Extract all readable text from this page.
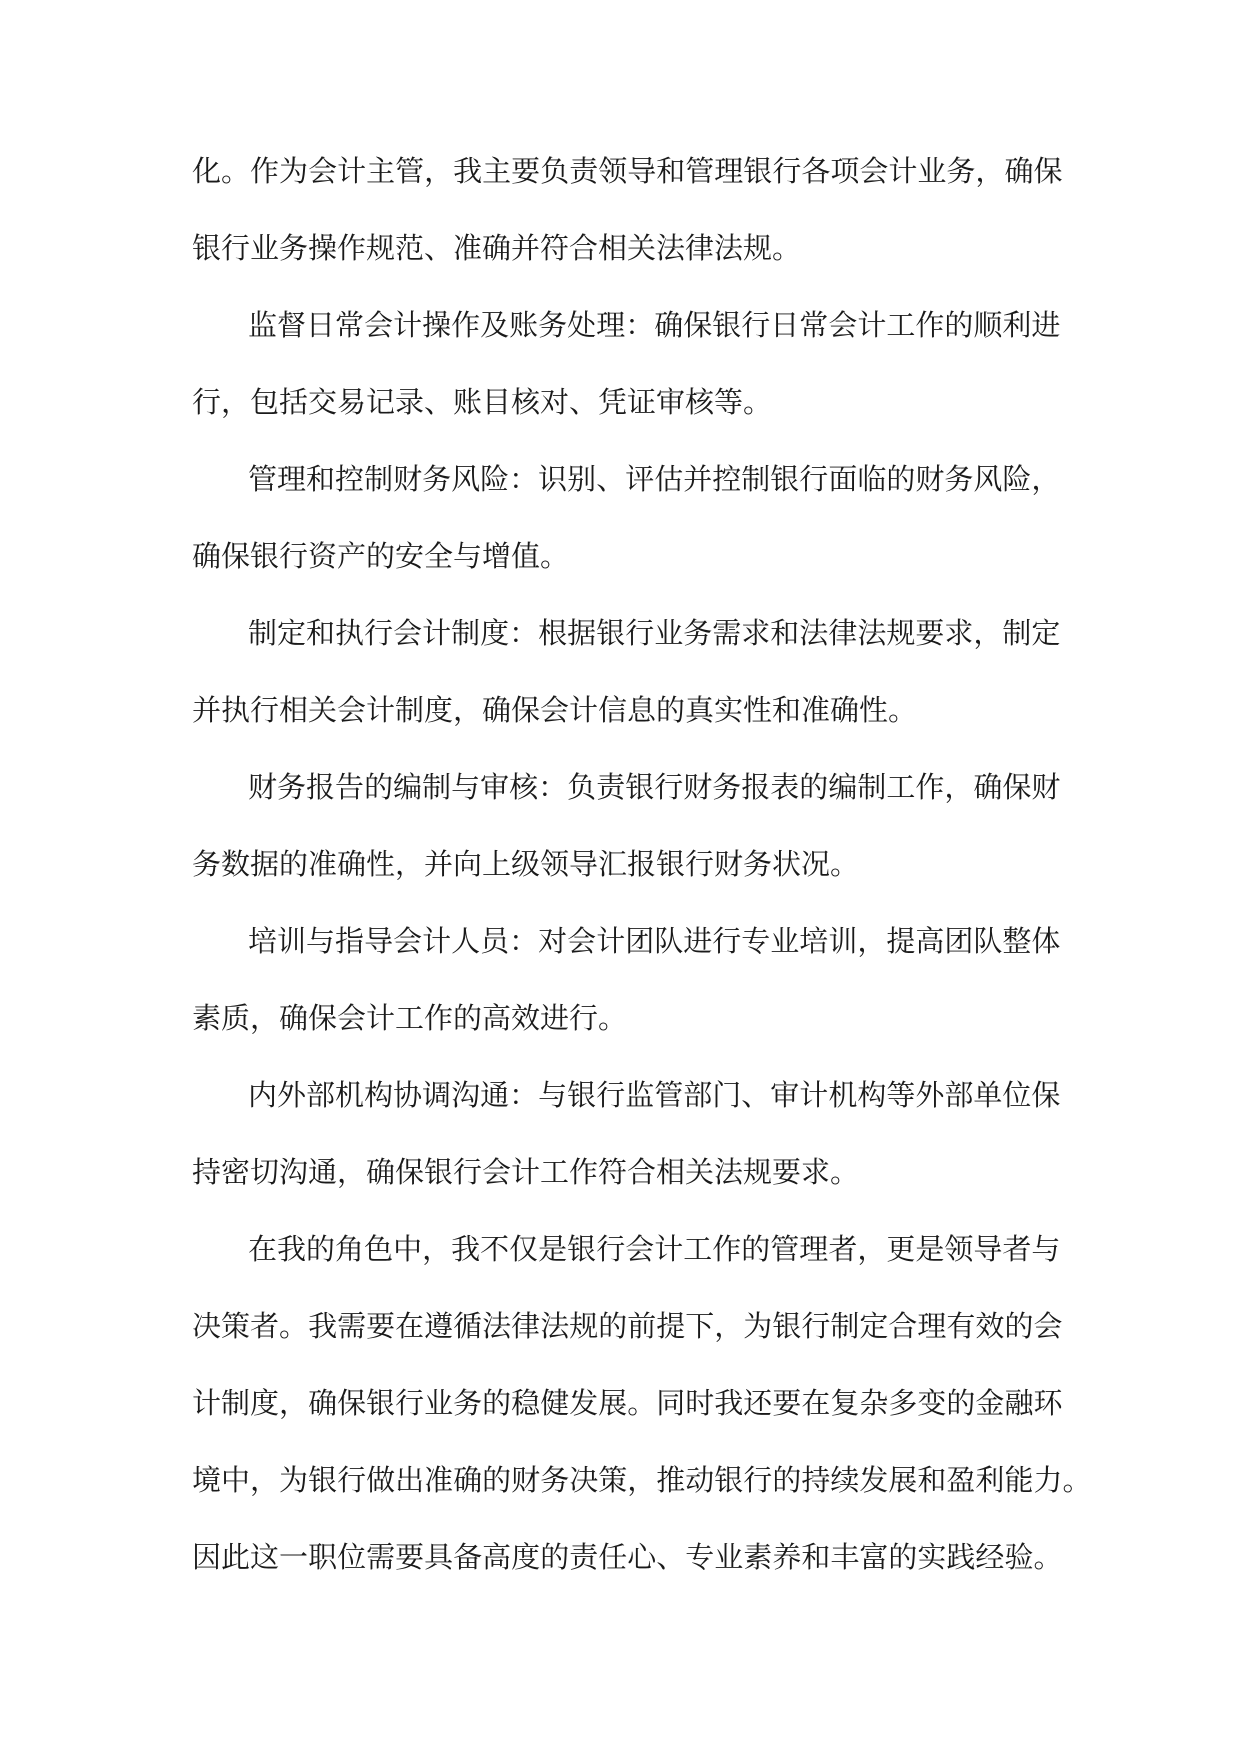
化 。 作 为 会 计 主 管 ， 我 主 要 负 责 领 导 和 管 理 银 行 各 项 会 计 业 务 ， 确 保
银行业务操作规范、准确并符合相关法律法规。
监 督 日 常 会 计 操 作 及 账 务 处 理 ： 确 保 银 行 日 常 会 计 工 作 的 顺 利 进
行，包括交易记录、账目核对、凭证审核等。
管 理 和 控 制 财 务 风 险 ： 识 别 、 评 估 并 控 制 银 行 面 临 的 财 务 风 险 ，
确保银行资产的安全与增值。
制 定 和 执 行 会 计 制 度 ： 根 据 银 行 业 务 需 求 和 法 律 法 规 要 求 ， 制 定
并执行相关会计制度，确保会计信息的真实性和准确性。
财 务 报 告 的 编 制 与 审 核 ： 负 责 银 行 财 务 报 表 的 编 制 工 作 ， 确 保 财
务数据的准确性，并向上级领导汇报银行财务状况。
培 训 与 指 导 会 计 人 员 ： 对 会 计 团 队 进 行 专 业 培 训 ， 提 高 团 队 整 体
素质，确保会计工作的高效进行。
内 外 部 机 构 协 调 沟 通 ： 与 银 行 监 管 部 门 、 审 计 机 构 等 外 部 单 位 保
持密切沟通，确保银行会计工作符合相关法规要求。
在 我 的 角 色 中 ， 我 不 仅 是 银 行 会 计 工 作 的 管 理 者 ， 更 是 领 导 者 与
决 策 者 。 我 需 要 在 遵 循 法 律 法 规 的 前 提 下 ， 为 银 行 制 定 合 理 有 效 的 会
计 制 度 ， 确 保 银 行 业 务 的 稳 健 发 展 。 同 时 我 还 要 在 复 杂 多 变 的 金 融 环
境 中 ， 为 银 行 做 出 准 确 的 财 务 决 策 ， 推 动 银 行 的 持 续 发 展 和 盈 利 能 力 。
因 此 这 一 职 位 需 要 具 备 高 度 的 责 任 心 、 专 业 素 养 和 丰 富 的 实 践 经 验 。
